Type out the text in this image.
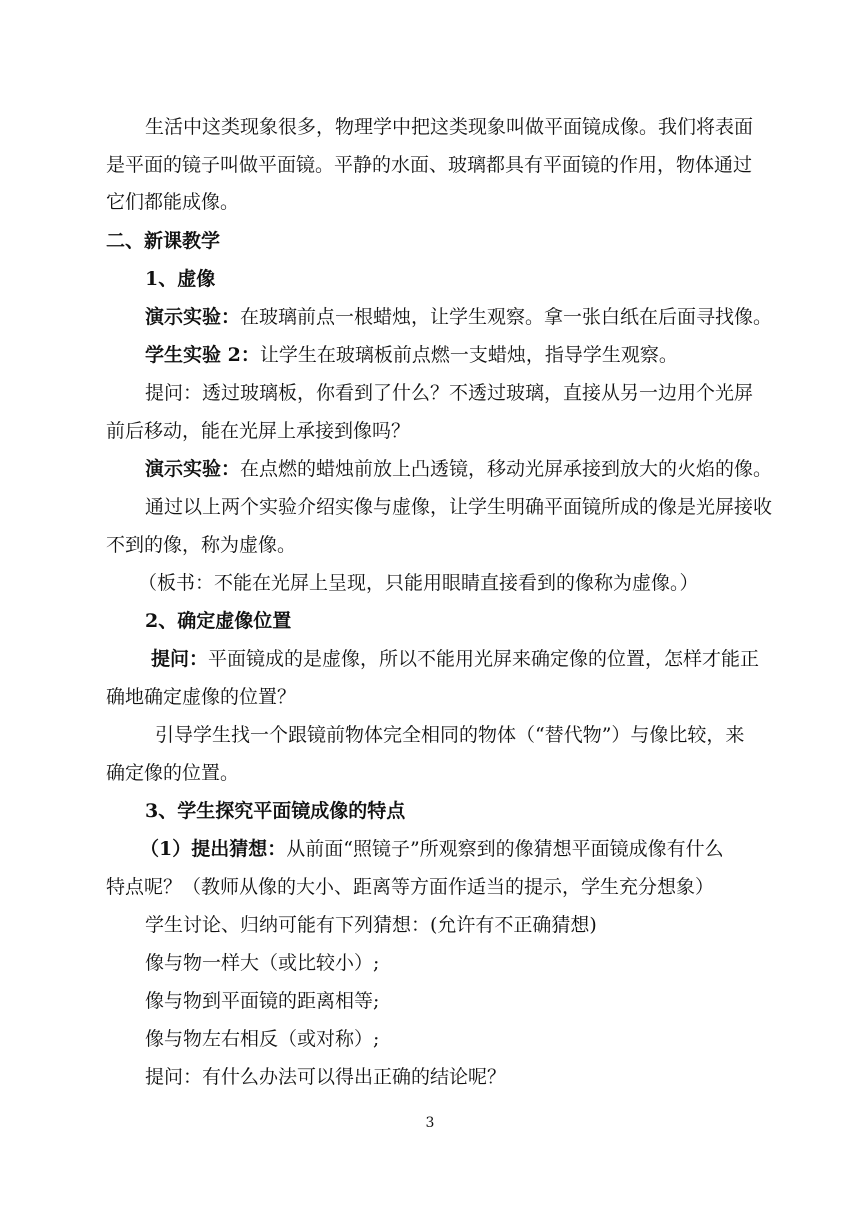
生活中这类现象很多，物理学中把这类现象叫做平面镜成像。我们将表面
是平面的镜子叫做平面镜。平静的水面、玻璃都具有平面镜的作用，物体通过
它们都能成像。
二、新课教学
1、虚像
演示实验：在玻璃前点一根蜡烛，让学生观察。拿一张白纸在后面寻找像。
学生实验 2：让学生在玻璃板前点燃一支蜡烛，指导学生观察。
提问：透过玻璃板，你看到了什么？不透过玻璃，直接从另一边用个光屏
前后移动，能在光屏上承接到像吗？
演示实验：在点燃的蜡烛前放上凸透镜，移动光屏承接到放大的火焰的像。
通过以上两个实验介绍实像与虚像，让学生明确平面镜所成的像是光屏接收
不到的像，称为虚像。
（板书：不能在光屏上呈现，只能用眼睛直接看到的像称为虚像。）
2、确定虚像位置
提问：平面镜成的是虚像，所以不能用光屏来确定像的位置，怎样才能正
确地确定虚像的位置？
引导学生找一个跟镜前物体完全相同的物体（“替代物”）与像比较，来
确定像的位置。
3、学生探究平面镜成像的特点
（1）提出猜想：从前面“照镜子”所观察到的像猜想平面镜成像有什么
特点呢？（教师从像的大小、距离等方面作适当的提示，学生充分想象）
学生讨论、归纳可能有下列猜想：(允许有不正确猜想)
像与物一样大（或比较小）;
像与物到平面镜的距离相等;
像与物左右相反（或对称）;
提问：有什么办法可以得出正确的结论呢？
3
